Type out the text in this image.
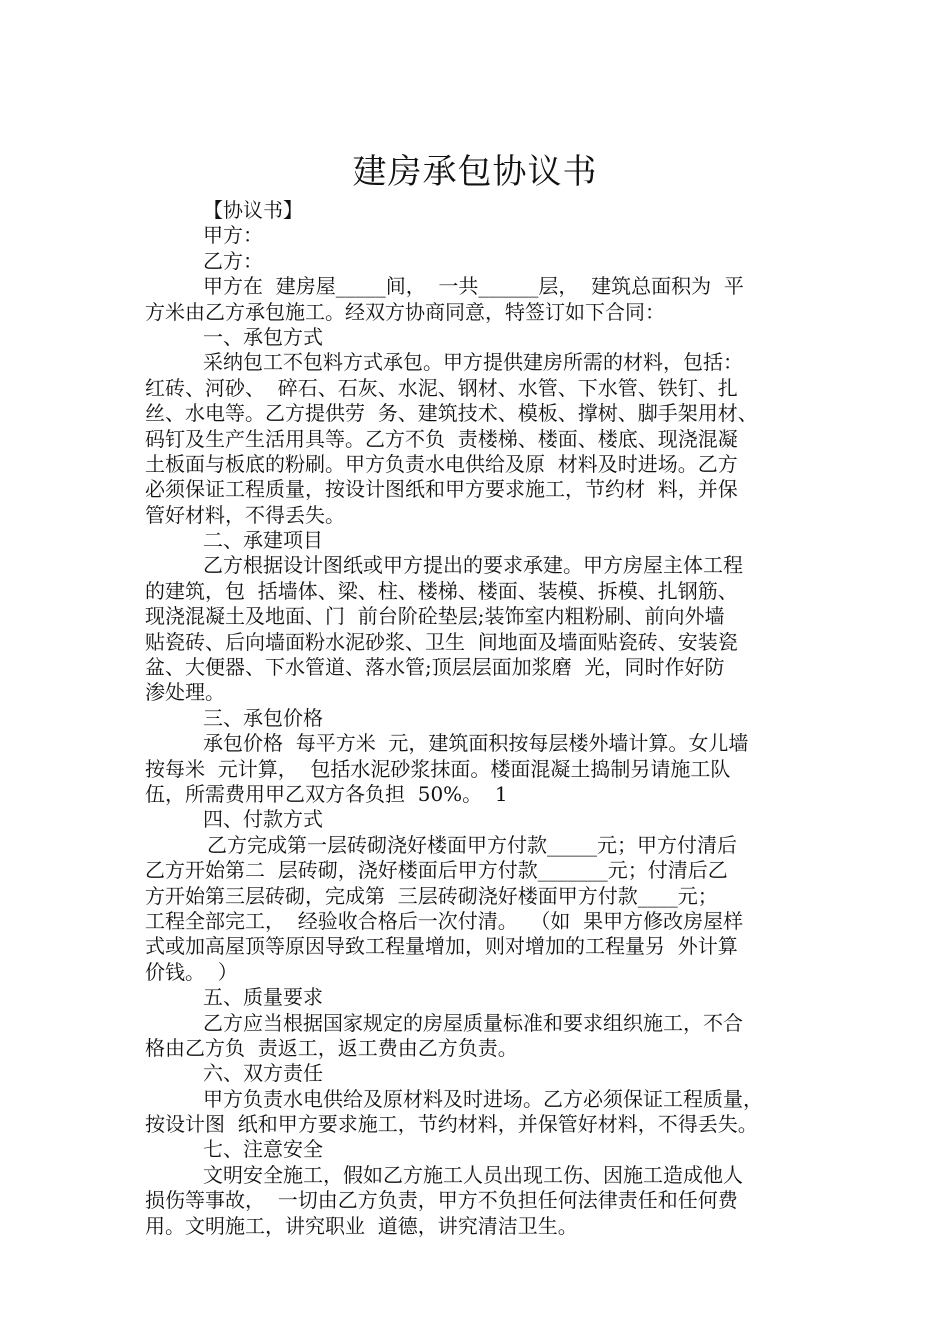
建房承包协议书
【协议书】
甲方：
乙方：
甲方在  建房屋_____间，  一共______层，  建筑总面积为  平
方米由乙方承包施工。经双方协商同意，特签订如下合同：
一、承包方式
采纳包工不包料方式承包。甲方提供建房所需的材料，包括：
红砖、河砂、  碎石、石灰、水泥、钢材、水管、下水管、铁钉、扎
丝、水电等。乙方提供劳  务、建筑技术、模板、撑树、脚手架用材、
码钉及生产生活用具等。乙方不负  责楼梯、楼面、楼底、现浇混凝
土板面与板底的粉刷。甲方负责水电供给及原  材料及时进场。乙方
必须保证工程质量，按设计图纸和甲方要求施工，节约材  料，并保
管好材料，不得丢失。
二、承建项目
乙方根据设计图纸或甲方提出的要求承建。甲方房屋主体工程
的建筑，包  括墙体、梁、柱、楼梯、楼面、装模、拆模、扎钢筋、
现浇混凝土及地面、门  前台阶砼垫层;装饰室内粗粉刷、前向外墙
贴瓷砖、后向墙面粉水泥砂浆、卫生  间地面及墙面贴瓷砖、安装瓷
盆、大便器、下水管道、落水管;顶层层面加浆磨  光，同时作好防
渗处理。
三、承包价格
承包价格  每平方米  元，建筑面积按每层楼外墙计算。女儿墙
按每米  元计算，  包括水泥砂浆抹面。楼面混凝土捣制另请施工队
伍，所需费用甲乙双方各负担  50%。  1
四、付款方式
乙方完成第一层砖砌浇好楼面甲方付款_____元；甲方付清后
乙方开始第二  层砖砌，浇好楼面后甲方付款_______元；付清后乙
方开始第三层砖砌，完成第  三层砖砌浇好楼面甲方付款____元；
工程全部完工，  经验收合格后一次付清。  （如  果甲方修改房屋样
式或加高屋顶等原因导致工程量增加，则对增加的工程量另  外计算
价钱。  ）
五、质量要求
乙方应当根据国家规定的房屋质量标准和要求组织施工，不合
格由乙方负  责返工，返工费由乙方负责。
六、双方责任
甲方负责水电供给及原材料及时进场。乙方必须保证工程质量，
按设计图  纸和甲方要求施工，节约材料，并保管好材料，不得丢失。
七、注意安全
文明安全施工，假如乙方施工人员出现工伤、因施工造成他人
损伤等事故，  一切由乙方负责，甲方不负担任何法律责任和任何费
用。文明施工，讲究职业  道德，讲究清洁卫生。
